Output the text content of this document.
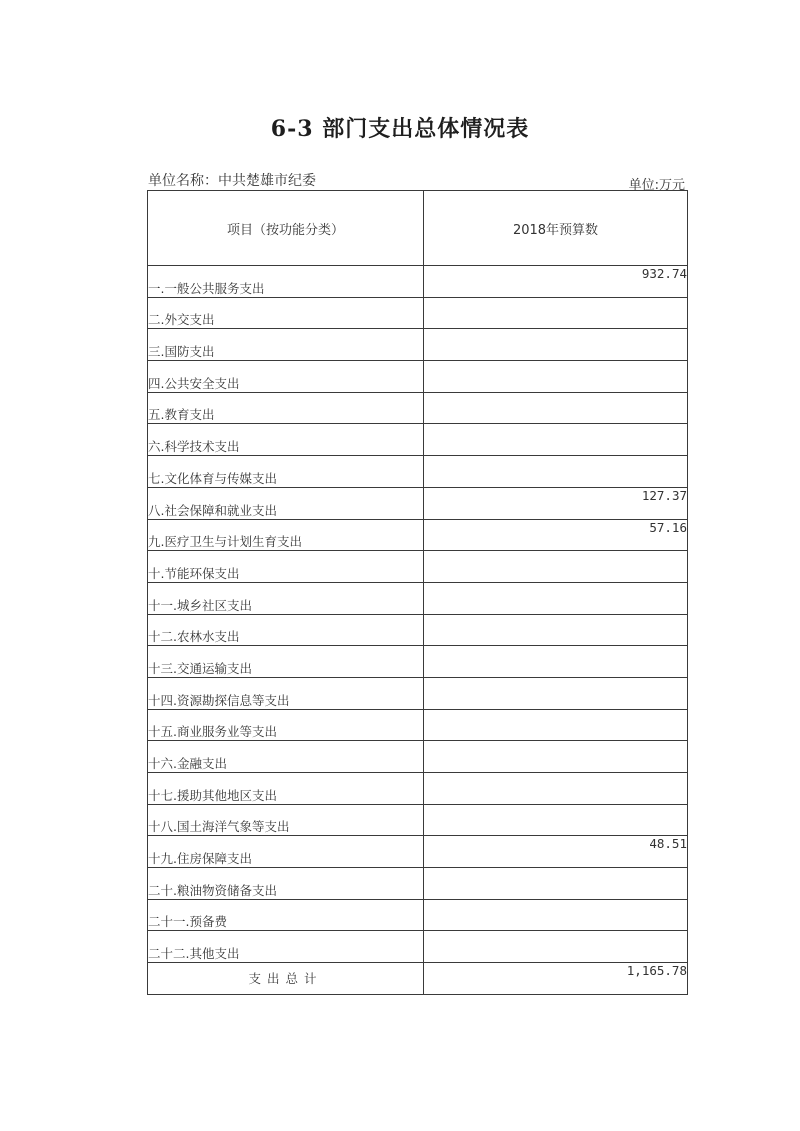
6-3 部门支出总体情况表
单位名称：中共楚雄市纪委	单位:万元
项目（按功能分类）	2018年预算数
一.一般公共服务支出	932.74
二.外交支出	
三.国防支出	
四.公共安全支出	
五.教育支出	
六.科学技术支出	
七.文化体育与传媒支出	
八.社会保障和就业支出	127.37
九.医疗卫生与计划生育支出	57.16
十.节能环保支出	
十一.城乡社区支出	
十二.农林水支出	
十三.交通运输支出	
十四.资源勘探信息等支出	
十五.商业服务业等支出	
十六.金融支出	
十七.援助其他地区支出	
十八.国土海洋气象等支出	
十九.住房保障支出	48.51
二十.粮油物资储备支出	
二十一.预备费	
二十二.其他支出	
支出总计	1,165.78
